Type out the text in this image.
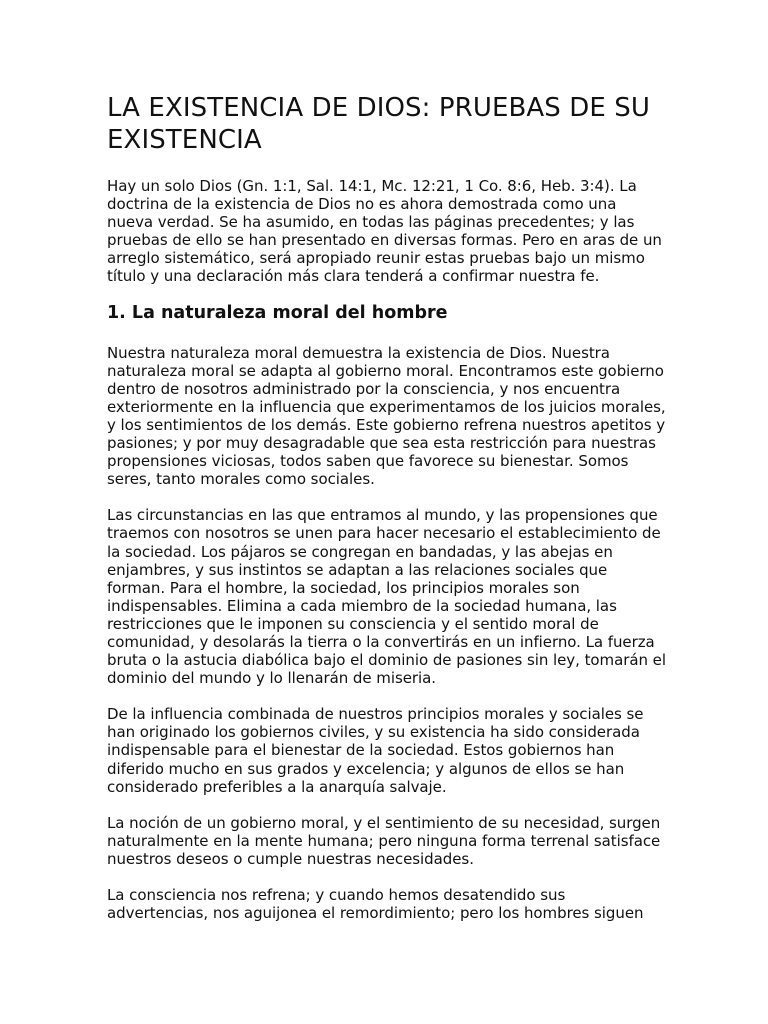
LA EXISTENCIA DE DIOS: PRUEBAS DE SU EXISTENCIA

Hay un solo Dios (Gn. 1:1, Sal. 14:1, Mc. 12:21, 1 Co. 8:6, Heb. 3:4). La doctrina de la existencia de Dios no es ahora demostrada como una nueva verdad. Se ha asumido, en todas las páginas precedentes; y las pruebas de ello se han presentado en diversas formas. Pero en aras de un arreglo sistemático, será apropiado reunir estas pruebas bajo un mismo título y una declaración más clara tenderá a confirmar nuestra fe.

1. La naturaleza moral del hombre

Nuestra naturaleza moral demuestra la existencia de Dios. Nuestra naturaleza moral se adapta al gobierno moral. Encontramos este gobierno dentro de nosotros administrado por la consciencia, y nos encuentra exteriormente en la influencia que experimentamos de los juicios morales, y los sentimientos de los demás. Este gobierno refrena nuestros apetitos y pasiones; y por muy desagradable que sea esta restricción para nuestras propensiones viciosas, todos saben que favorece su bienestar. Somos seres, tanto morales como sociales.

Las circunstancias en las que entramos al mundo, y las propensiones que traemos con nosotros se unen para hacer necesario el establecimiento de la sociedad. Los pájaros se congregan en bandadas, y las abejas en enjambres, y sus instintos se adaptan a las relaciones sociales que forman. Para el hombre, la sociedad, los principios morales son indispensables. Elimina a cada miembro de la sociedad humana, las restricciones que le imponen su consciencia y el sentido moral de comunidad, y desolarás la tierra o la convertirás en un infierno. La fuerza bruta o la astucia diabólica bajo el dominio de pasiones sin ley, tomarán el dominio del mundo y lo llenarán de miseria.

De la influencia combinada de nuestros principios morales y sociales se han originado los gobiernos civiles, y su existencia ha sido considerada indispensable para el bienestar de la sociedad. Estos gobiernos han diferido mucho en sus grados y excelencia; y algunos de ellos se han considerado preferibles a la anarquía salvaje.

La noción de un gobierno moral, y el sentimiento de su necesidad, surgen naturalmente en la mente humana; pero ninguna forma terrenal satisface nuestros deseos o cumple nuestras necesidades.

La consciencia nos refrena; y cuando hemos desatendido sus advertencias, nos aguijonea el remordimiento; pero los hombres siguen
